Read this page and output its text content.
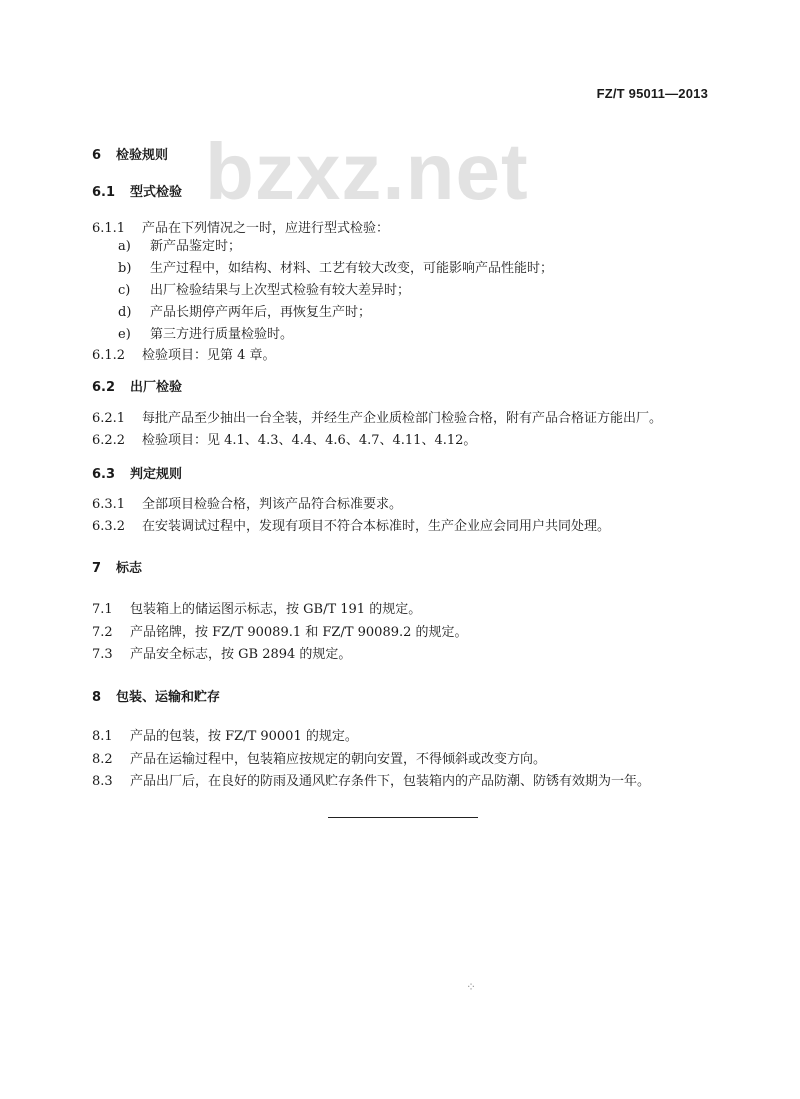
FZ/T 95011—2013
bzxz.net
6 检验规则
6.1 型式检验
6.1.1 产品在下列情况之一时，应进行型式检验：
a) 新产品鉴定时；
b) 生产过程中，如结构、材料、工艺有较大改变，可能影响产品性能时；
c) 出厂检验结果与上次型式检验有较大差异时；
d) 产品长期停产两年后，再恢复生产时；
e) 第三方进行质量检验时。
6.1.2 检验项目：见第 4 章。
6.2 出厂检验
6.2.1 每批产品至少抽出一台全装，并经生产企业质检部门检验合格，附有产品合格证方能出厂。
6.2.2 检验项目：见 4.1、4.3、4.4、4.6、4.7、4.11、4.12。
6.3 判定规则
6.3.1 全部项目检验合格，判该产品符合标准要求。
6.3.2 在安装调试过程中，发现有项目不符合本标准时，生产企业应会同用户共同处理。
7 标志
7.1 包装箱上的储运图示标志，按 GB/T 191 的规定。
7.2 产品铭牌，按 FZ/T 90089.1 和 FZ/T 90089.2 的规定。
7.3 产品安全标志，按 GB 2894 的规定。
8 包装、运输和贮存
8.1 产品的包装，按 FZ/T 90001 的规定。
8.2 产品在运输过程中，包装箱应按规定的朝向安置，不得倾斜或改变方向。
8.3 产品出厂后，在良好的防雨及通风贮存条件下，包装箱内的产品防潮、防锈有效期为一年。
⁘
